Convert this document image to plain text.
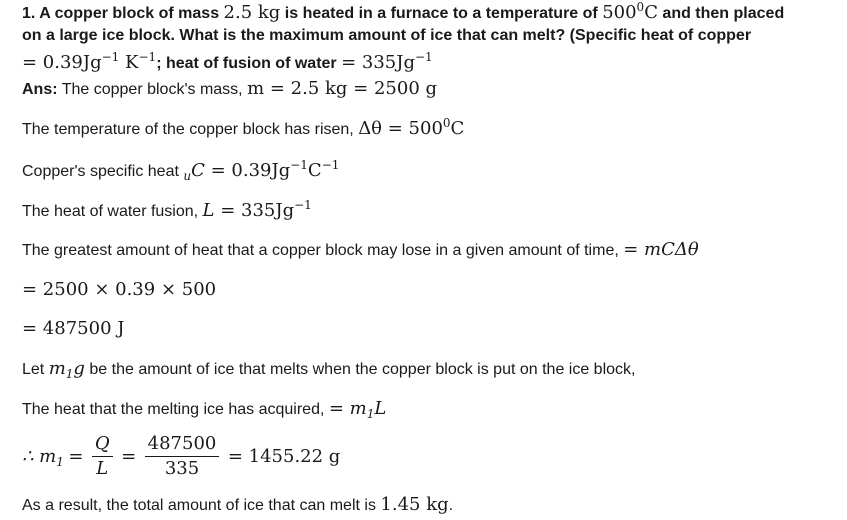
1. A copper block of mass 2.5 kg is heated in a furnace to a temperature of $500^0C$ and then placed
on a large ice block. What is the maximum amount of ice that can melt? (Specific heat of copper
= $0.39Jg^{-1}$ $K^{-1}$; heat of fusion of water = $335Jg^{-1}$
Ans: The copper block's mass, m = 2.5 kg = 2500 g
The temperature of the copper block has risen, $\Delta\theta = 500^0C$
Copper's specific heat $_uC = 0.39Jg^{-1}C^{-1}$
The heat of water fusion, $L = 335Jg^{-1}$
The greatest amount of heat that a copper block may lose in a given amount of time, = mCΔθ
= 2500 × 0.39 × 500
= 487500 J
Let $m_1g$ be the amount of ice that melts when the copper block is put on the ice block,
The heat that the melting ice has acquired, = $m_1L$
∴ $m_1 = \frac{Q}{L} = \frac{487500}{335} = 1455.22$ g
As a result, the total amount of ice that can melt is 1.45 kg.
